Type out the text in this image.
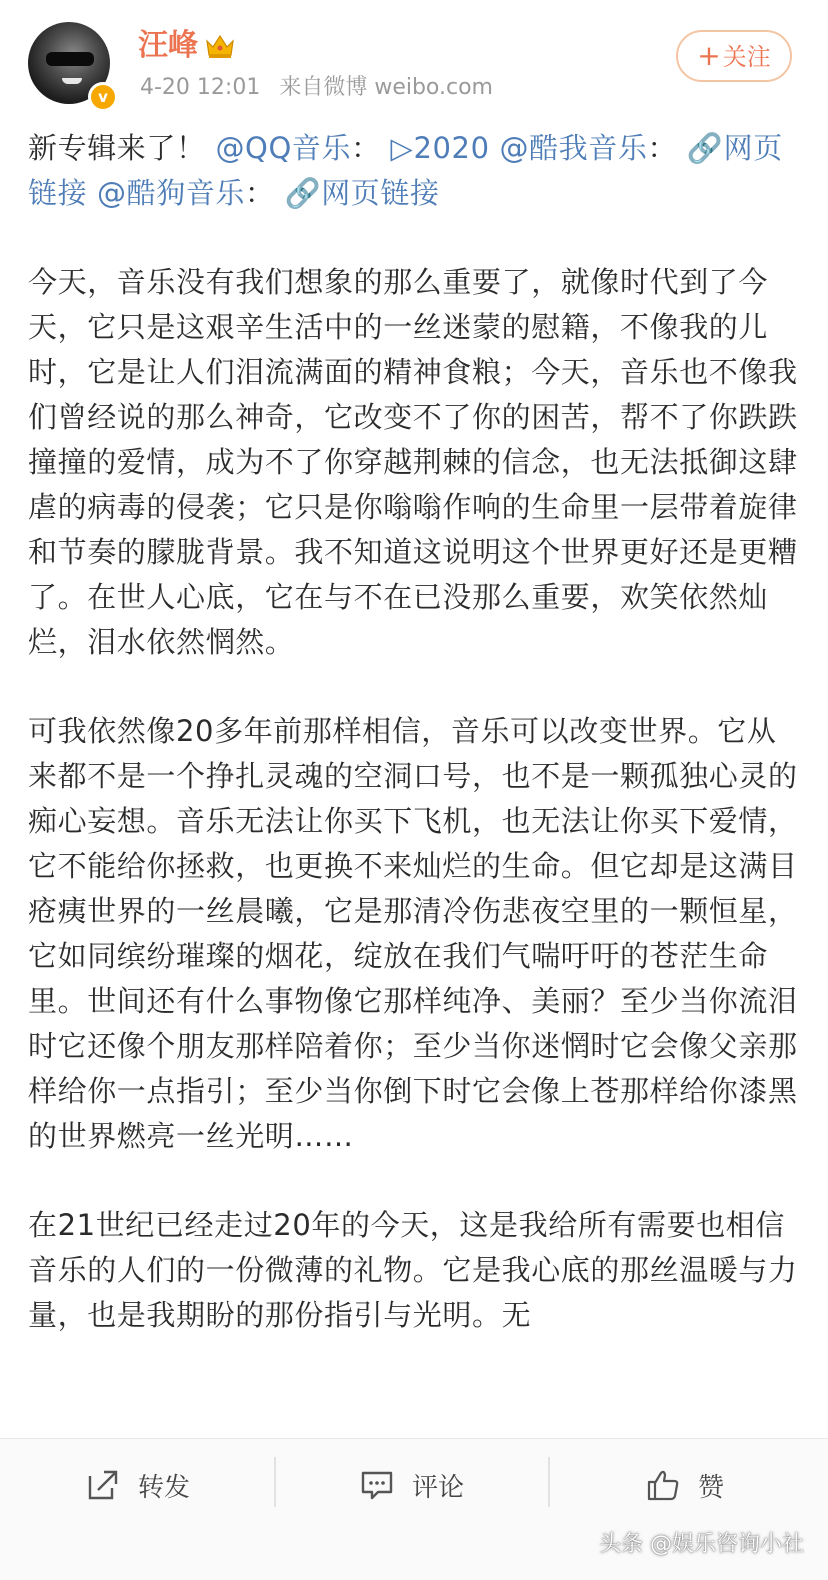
v
汪峰
4-20 12:01 来自微博 weibo.com
+关注

新专辑来了！ @QQ音乐： ▷2020 @酷我音乐： 🔗网页链接 @酷狗音乐： 🔗网页链接

今天，音乐没有我们想象的那么重要了，就像时代到了今天，它只是这艰辛生活中的一丝迷蒙的慰籍，不像我的儿时，它是让人们泪流满面的精神食粮；今天，音乐也不像我们曾经说的那么神奇，它改变不了你的困苦，帮不了你跌跌撞撞的爱情，成为不了你穿越荆棘的信念，也无法抵御这肆虐的病毒的侵袭；它只是你嗡嗡作响的生命里一层带着旋律和节奏的朦胧背景。我不知道这说明这个世界更好还是更糟了。在世人心底，它在与不在已没那么重要，欢笑依然灿烂，泪水依然惘然。

可我依然像20多年前那样相信，音乐可以改变世界。它从来都不是一个挣扎灵魂的空洞口号，也不是一颗孤独心灵的痴心妄想。音乐无法让你买下飞机，也无法让你买下爱情，它不能给你拯救，也更换不来灿烂的生命。但它却是这满目疮痍世界的一丝晨曦，它是那清冷伤悲夜空里的一颗恒星，它如同缤纷璀璨的烟花，绽放在我们气喘吁吁的苍茫生命里。世间还有什么事物像它那样纯净、美丽？至少当你流泪时它还像个朋友那样陪着你；至少当你迷惘时它会像父亲那样给你一点指引；至少当你倒下时它会像上苍那样给你漆黑的世界燃亮一丝光明……

在21世纪已经走过20年的今天，这是我给所有需要也相信音乐的人们的一份微薄的礼物。它是我心底的那丝温暖与力量，也是我期盼的那份指引与光明。无

转发	评论	赞
头条 @娱乐咨询小社
